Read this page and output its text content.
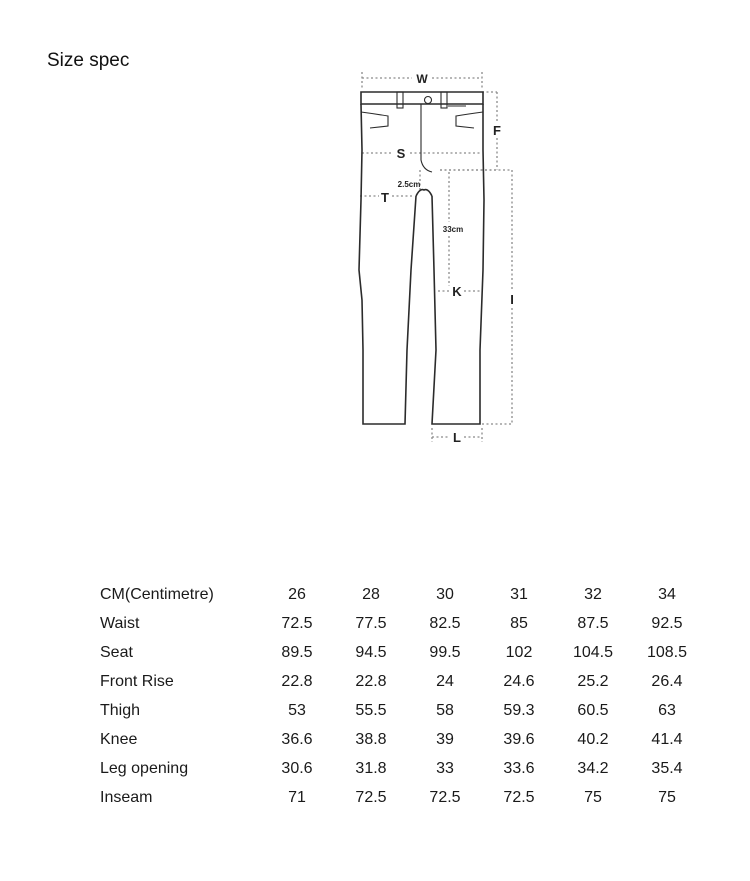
Size spec
W
F
S
2.5cm
T
33cm
K
I
L
CM(Centimetre)	26	28	30	31	32	34
Waist	72.5	77.5	82.5	85	87.5	92.5
Seat	89.5	94.5	99.5	102	104.5	108.5
Front Rise	22.8	22.8	24	24.6	25.2	26.4
Thigh	53	55.5	58	59.3	60.5	63
Knee	36.6	38.8	39	39.6	40.2	41.4
Leg opening	30.6	31.8	33	33.6	34.2	35.4
Inseam	71	72.5	72.5	72.5	75	75
